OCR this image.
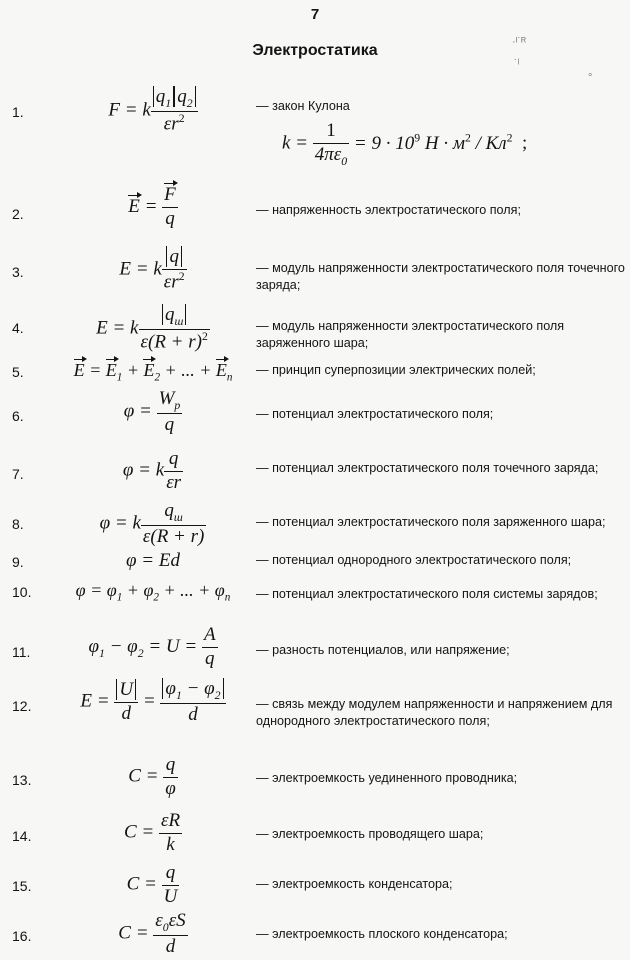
7
Электростатика	·ᴵ˙ᴿ
˙ˡ
°
1.	F = k $\frac{q_1 q_2}{\varepsilon r^2}$	— закон Кулона
$k = \frac{1}{4\pi\varepsilon_0} = 9 \cdot 10^9$ $H \cdot м^2 / Кл^2$ ;
2.	$E = \frac{F}{q}$	— напряженность электростатического поля;
3.	E = k $\frac{q}{\varepsilon r^2}$	— модуль напряженности электростатического поля точечного заряда;
4.	E = k $\frac{q_ш}{\varepsilon(R + r)^2}$	— модуль напряженности электростатического поля заряженного шара;
5.	$E = E_1 + E_2$ + ... + $E_n$
— принцип суперпозиции электрических полей;
6.	$\varphi = \frac{W_p}{q}$	— потенциал электростатического поля;
7.	φ = k $\frac{q}{\varepsilon r}$	— потенциал электростатического поля точечного заряда;
8.	φ = k $\frac{q_ш}{\varepsilon(R + r)}$	— потенциал электростатического поля заряженного шара;
9.	φ = Ed	— потенциал однородного электростатического поля;
10.	$\varphi = \varphi_1 + \varphi_2$ + ... + $\varphi_n$	— потенциал электростатического поля системы зарядов;
11.	$\varphi_1 - \varphi_2 = U = \frac{A}{q}$	— разность потенциалов, или напряжение;
12.	$E = \frac{U}{d} = \frac{\varphi_1 - \varphi_2}{d}$ — связь между модулем напряженности и напряжением для однородного электростатического поля;
13.	$C = \frac{q}{\varphi}$	— электроемкость уединенного проводника;
14.	$C = \frac{\varepsilon R}{k}$	— электроемкость проводящего шара;
15.	$C = \frac{q}{U}$	— электроемкость конденсатора;
16.	$C = \frac{\varepsilon_0\varepsilon S}{d}$	— электроемкость плоского конденсатора;
